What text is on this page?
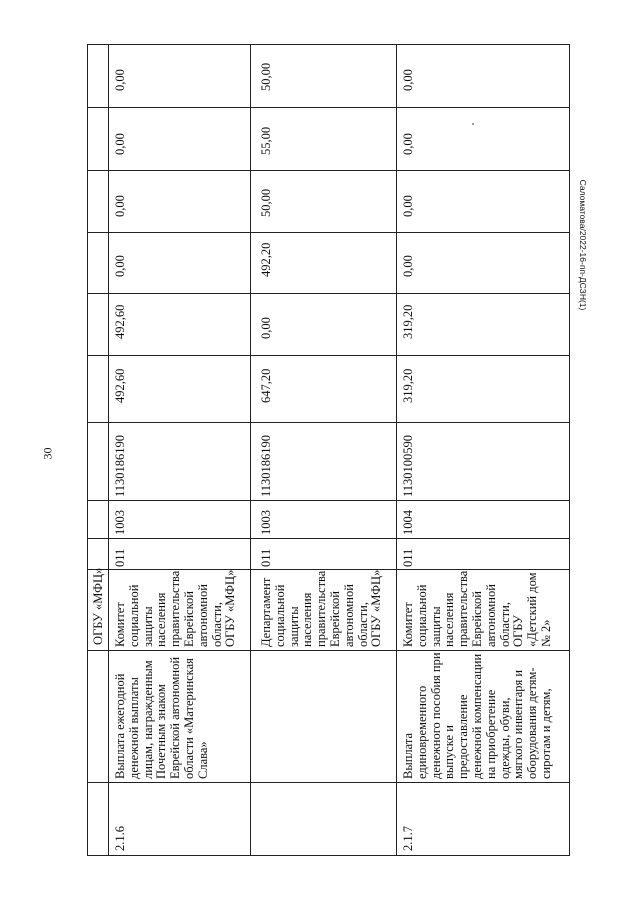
30
Саломатова/2022-16-пп-ДСЗН(1)
ОГБУ «МФЦ»
2.1.6
Выплата ежегодной
денежной выплаты
лицам, награжденным
Почетным знаком
Еврейской автономной
области «Материнская
Слава»
Комитет
социальной
защиты
населения
правительства
Еврейской
автономной
области,
ОГБУ «МФЦ»
011
1003
1130186190
492,60
492,60
0,00
0,00
0,00
0,00
Департамент
социальной
защиты
населения
правительства
Еврейской
автономной
области,
ОГБУ «МФЦ»
011
1003
1130186190
647,20
0,00
492,20
50,00
55,00
50,00
2.1.7
Выплата
единовременного
денежного пособия при
выпуске и
предоставление
денежной компенсации
на приобретение
одежды, обуви,
мягкого инвентаря и
оборудования детям-
сиротам и детям,
Комитет
социальной
защиты
населения
правительства
Еврейской
автономной
области,
ОГБУ
«Детский дом
№ 2»
011
1004
1130100590
319,20
319,20
0,00
0,00
0,00
0,00
